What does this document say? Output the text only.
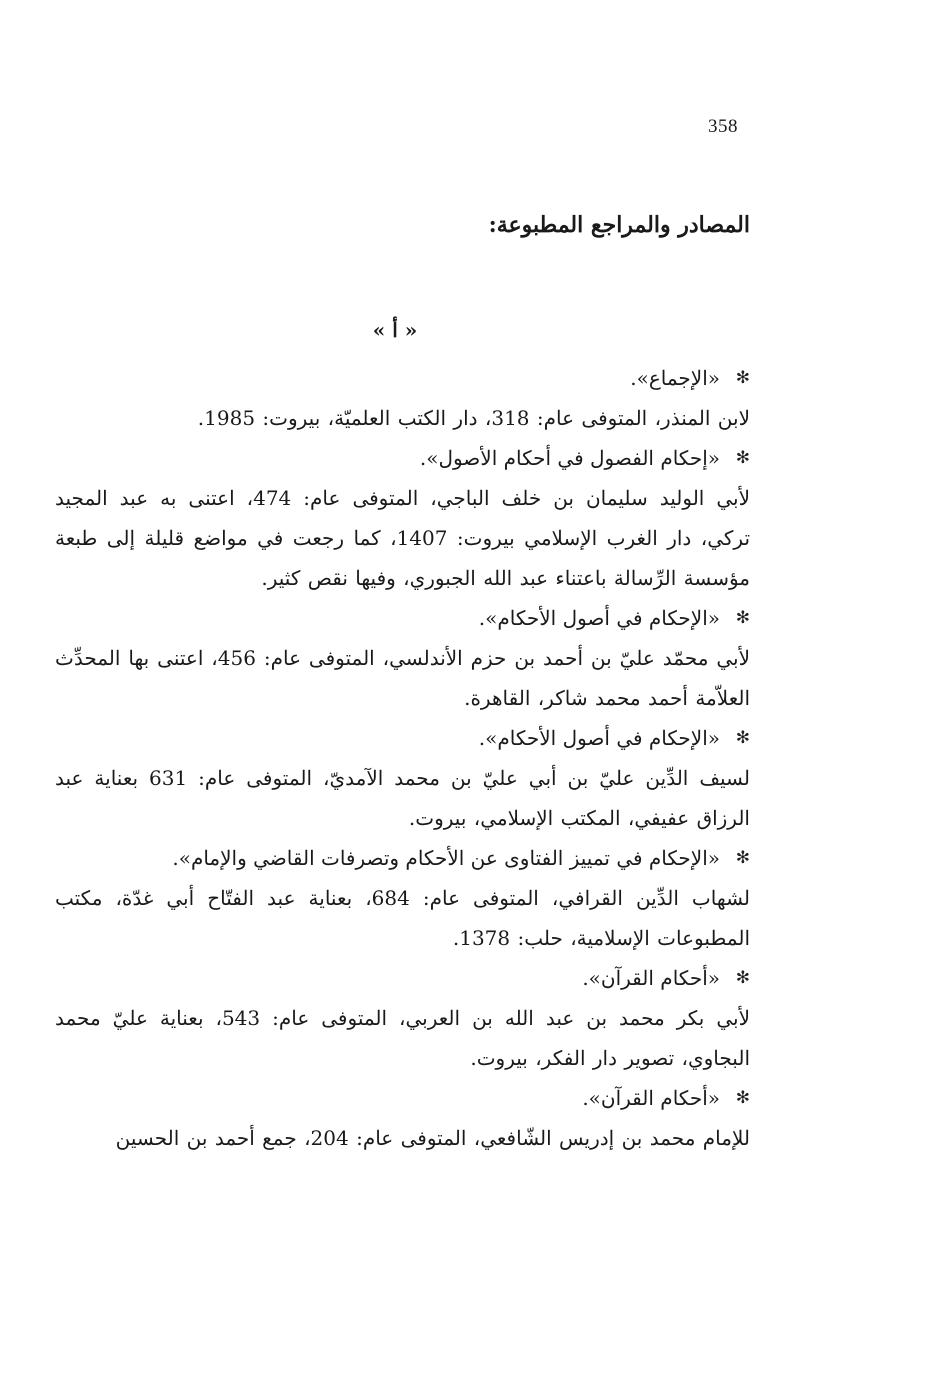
358
المصادر والمراجع المطبوعة:
« أ »
✻
«الإجماع».
لابن المنذر، المتوفى عام: 318، دار الكتب العلميّة، بيروت: 1985.
✻
«إحكام الفصول في أحكام الأصول».
لأبي الوليد سليمان بن خلف الباجي، المتوفى عام: 474، اعتنى به عبد المجيد تركي، دار الغرب الإسلامي بيروت: 1407، كما رجعت في مواضع قليلة إلى طبعة مؤسسة الرِّسالة باعتناء عبد الله الجبوري، وفيها نقص كثير.
✻
«الإحكام في أصول الأحكام».
لأبي محمّد عليّ بن أحمد بن حزم الأندلسي، المتوفى عام: 456، اعتنى بها المحدِّث العلاّمة أحمد محمد شاكر، القاهرة.
✻
«الإحكام في أصول الأحكام».
لسيف الدِّين عليّ بن أبي عليّ بن محمد الآمديّ، المتوفى عام: 631 بعناية عبد الرزاق عفيفي، المكتب الإسلامي، بيروت.
✻
«الإحكام في تمييز الفتاوى عن الأحكام وتصرفات القاضي والإمام».
لشهاب الدِّين القرافي، المتوفى عام: 684، بعناية عبد الفتّاح أبي غدّة، مكتب المطبوعات الإسلامية، حلب: 1378.
✻
«أحكام القرآن».
لأبي بكر محمد بن عبد الله بن العربي، المتوفى عام: 543، بعناية عليّ محمد البجاوي، تصوير دار الفكر، بيروت.
✻
«أحكام القرآن».
للإمام محمد بن إدريس الشّافعي، المتوفى عام: 204، جمع أحمد بن الحسين
